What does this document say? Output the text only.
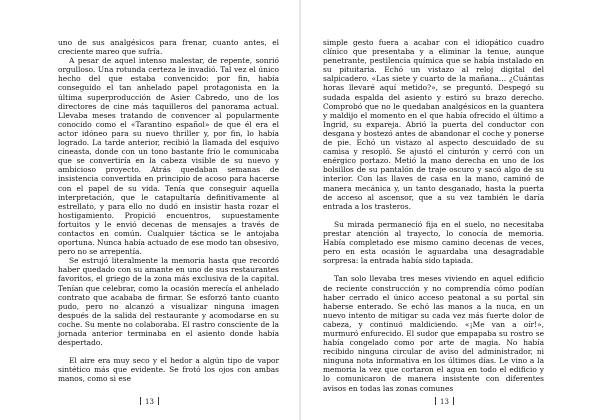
uno de sus analgésicos para frenar, cuanto antes, el creciente mareo que sufría.

A pesar de aquel intenso malestar, de repente, sonrió orgulloso. Una rotunda certeza le invadió. Tal vez el único hecho del que estaba convencido: por fin, había conseguido el tan anhelado papel protagonista en la última superproducción de Asier Cabredo, uno de los directores de cine más taquilleros del panorama actual. Llevaba meses tratando de convencer al popularmente conocido como el «Tarantino español» de que él era el actor idóneo para su nuevo thriller y, por fin, lo había logrado. La tarde anterior, recibió la llamada del esquivo cineasta, donde con un tono bastante frío le comunicaba que se convertiría en la cabeza visible de su nuevo y ambicioso proyecto. Atrás quedaban semanas de insistencia convertida en principio de acoso para hacerse con el papel de su vida. Tenía que conseguir aquella interpretación, que le catapultaría definitivamente al estrellato, y para ello no dudó en insistir hasta rozar el hostigamiento. Propició encuentros, supuestamente fortuitos y le envió decenas de mensajes a través de contactos en común. Cualquier táctica se le antojaba oportuna. Nunca había actuado de ese modo tan obsesivo, pero no se arrepentía.

Se estrujó literalmente la memoria hasta que recordó haber quedado con su amante en uno de sus restaurantes favoritos, el griego de la zona más exclusiva de la capital. Tenían que celebrar, como la ocasión merecía el anhelado contrato que acababa de firmar. Se esforzó tanto cuanto pudo, pero no alcanzó a visualizar ninguna imagen después de la salida del restaurante y acomodarse en su coche. Su mente no colaboraba. El rastro consciente de la jornada anterior terminaba en el asiento donde había despertado.

El aire era muy seco y el hedor a algún tipo de vapor sintético más que evidente. Se frotó los ojos con ambas manos, como si ese

13

simple gesto fuera a acabar con el idiopático cuadro clínico que presentaba y a eliminar la tenue, aunque penetrante, pestilencia química que se había instalado en su pituitaria. Echó un vistazo al reloj digital del salpicadero. «Las siete y cuarto de la mañana… ¿Cuántas horas llevaré aquí metido?», se preguntó. Despegó su sudada espalda del asiento y estiró su brazo derecho. Comprobó que no le quedaban analgésicos en la guantera y maldijo el momento en el que había ofrecido el último a Ingrid, su expareja. Abrió la puerta del conductor con desgana y bostezó antes de abandonar el coche y ponerse de pie. Echó un vistazo al aspecto descuidado de su camisa y resopló. Se ajustó el cinturón y cerró con un enérgico portazo. Metió la mano derecha en uno de los bolsillos de su pantalón de traje oscuro y sacó algo de su interior. Con las llaves de casa en la mano, caminó de manera mecánica y, un tanto desganado, hasta la puerta de acceso al ascensor, que a su vez también le daría entrada a los trasteros.

Su mirada permaneció fija en el suelo, no necesitaba prestar atención al trayecto, lo conocía de memoria. Había completado ese mismo camino decenas de veces, pero en esta ocasión le aguardaba una desagradable sorpresa: la entrada había sido tapiada.

Tan solo llevaba tres meses viviendo en aquel edificio de reciente construcción y no comprendía cómo podían haber cerrado el único acceso peatonal a su portal sin haberse enterado. Se echó las manos a la nuca, en un nuevo intento de mitigar su cada vez más fuerte dolor de cabeza, y continuó maldiciendo. «¡Me van a oír!», murmuró enfurecido. El sudor que empapaba su rostro se había congelado como por arte de magia. No había recibido ninguna circular de aviso del administrador, ni ninguna nota informativa en los últimos días. Le vino a la memoria la vez que cortaron el agua en todo el edificio y lo comunicaron de manera insistente con diferentes avisos en todas las zonas comunes

13
